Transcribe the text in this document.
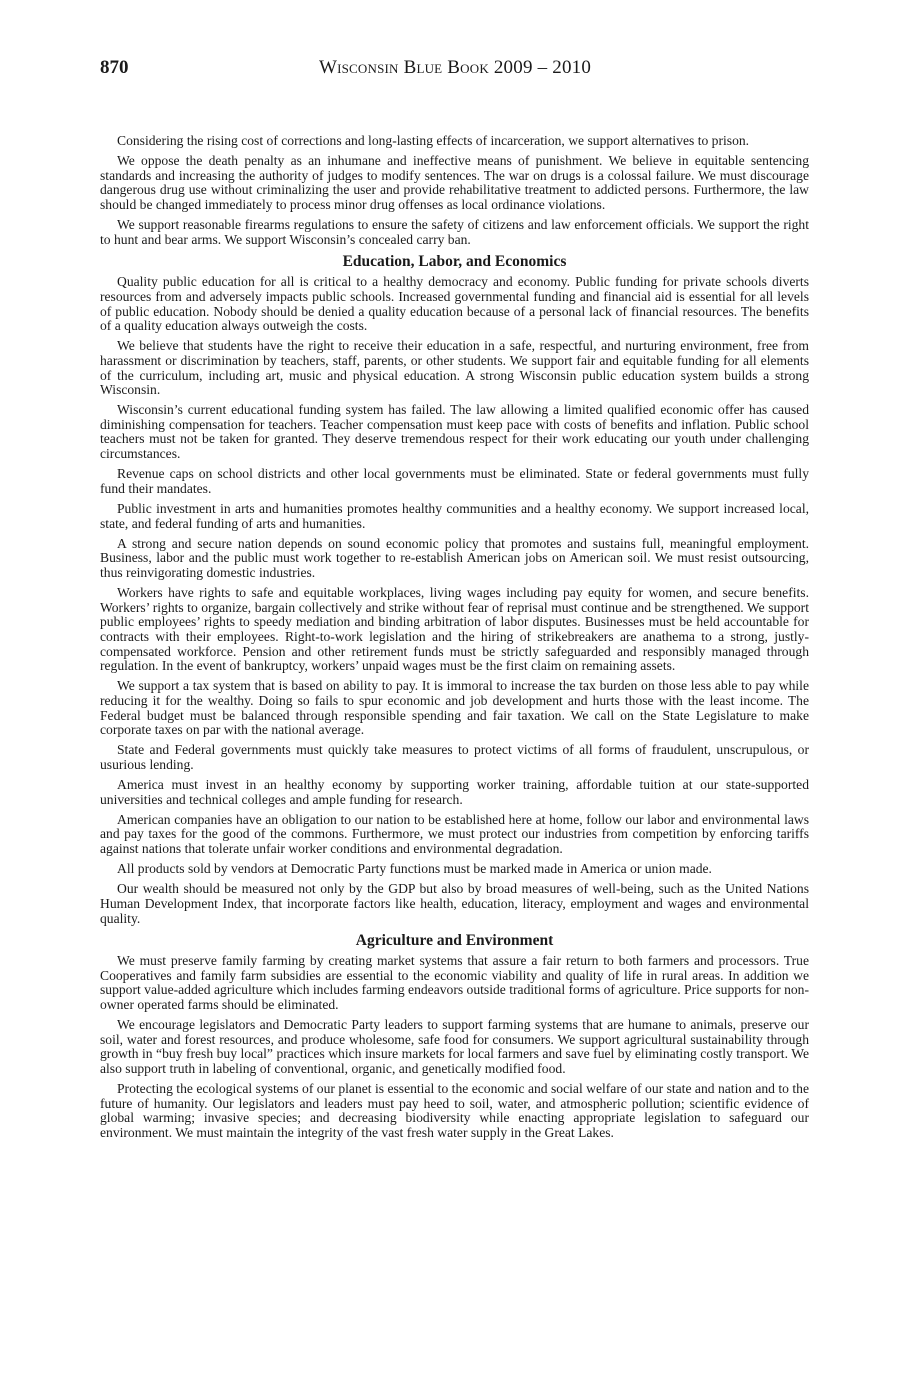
870	Wisconsin Blue Book 2009 – 2010

Considering the rising cost of corrections and long-lasting effects of incarceration, we support alternatives to prison.

We oppose the death penalty as an inhumane and ineffective means of punishment. We believe in equitable sentencing standards and increasing the authority of judges to modify sentences. The war on drugs is a colossal failure. We must discourage dangerous drug use without criminalizing the user and provide rehabilitative treatment to addicted persons. Furthermore, the law should be changed immediately to process minor drug offenses as local ordinance violations.

We support reasonable firearms regulations to ensure the safety of citizens and law enforcement officials. We support the right to hunt and bear arms. We support Wisconsin’s concealed carry ban.

Education, Labor, and Economics

Quality public education for all is critical to a healthy democracy and economy. Public funding for private schools diverts resources from and adversely impacts public schools. Increased governmental funding and financial aid is essential for all levels of public education. Nobody should be denied a quality education because of a personal lack of financial resources. The benefits of a quality education always outweigh the costs.

We believe that students have the right to receive their education in a safe, respectful, and nurturing environment, free from harassment or discrimination by teachers, staff, parents, or other students. We support fair and equitable funding for all elements of the curriculum, including art, music and physical education. A strong Wisconsin public education system builds a strong Wisconsin.

Wisconsin’s current educational funding system has failed. The law allowing a limited qualified economic offer has caused diminishing compensation for teachers. Teacher compensation must keep pace with costs of benefits and inflation. Public school teachers must not be taken for granted. They deserve tremendous respect for their work educating our youth under challenging circumstances.

Revenue caps on school districts and other local governments must be eliminated. State or federal governments must fully fund their mandates.

Public investment in arts and humanities promotes healthy communities and a healthy economy. We support increased local, state, and federal funding of arts and humanities.

A strong and secure nation depends on sound economic policy that promotes and sustains full, meaningful employment. Business, labor and the public must work together to re-establish American jobs on American soil. We must resist outsourcing, thus reinvigorating domestic industries.

Workers have rights to safe and equitable workplaces, living wages including pay equity for women, and secure benefits. Workers’ rights to organize, bargain collectively and strike without fear of reprisal must continue and be strengthened. We support public employees’ rights to speedy mediation and binding arbitration of labor disputes. Businesses must be held accountable for contracts with their employees. Right-to-work legislation and the hiring of strikebreakers are anathema to a strong, justly-compensated workforce. Pension and other retirement funds must be strictly safeguarded and responsibly managed through regulation. In the event of bankruptcy, workers’ unpaid wages must be the first claim on remaining assets.

We support a tax system that is based on ability to pay. It is immoral to increase the tax burden on those less able to pay while reducing it for the wealthy. Doing so fails to spur economic and job development and hurts those with the least income. The Federal budget must be balanced through responsible spending and fair taxation. We call on the State Legislature to make corporate taxes on par with the national average.

State and Federal governments must quickly take measures to protect victims of all forms of fraudulent, unscrupulous, or usurious lending.

America must invest in an healthy economy by supporting worker training, affordable tuition at our state-supported universities and technical colleges and ample funding for research.

American companies have an obligation to our nation to be established here at home, follow our labor and environmental laws and pay taxes for the good of the commons. Furthermore, we must protect our industries from competition by enforcing tariffs against nations that tolerate unfair worker conditions and environmental degradation.

All products sold by vendors at Democratic Party functions must be marked made in America or union made.

Our wealth should be measured not only by the GDP but also by broad measures of well-being, such as the United Nations Human Development Index, that incorporate factors like health, education, literacy, employment and wages and environmental quality.

Agriculture and Environment

We must preserve family farming by creating market systems that assure a fair return to both farmers and processors. True Cooperatives and family farm subsidies are essential to the economic viability and quality of life in rural areas. In addition we support value-added agriculture which includes farming endeavors outside traditional forms of agriculture. Price supports for non-owner operated farms should be eliminated.

We encourage legislators and Democratic Party leaders to support farming systems that are humane to animals, preserve our soil, water and forest resources, and produce wholesome, safe food for consumers. We support agricultural sustainability through growth in “buy fresh buy local” practices which insure markets for local farmers and save fuel by eliminating costly transport. We also support truth in labeling of conventional, organic, and genetically modified food.

Protecting the ecological systems of our planet is essential to the economic and social welfare of our state and nation and to the future of humanity. Our legislators and leaders must pay heed to soil, water, and atmospheric pollution; scientific evidence of global warming; invasive species; and decreasing biodiversity while enacting appropriate legislation to safeguard our environment. We must maintain the integrity of the vast fresh water supply in the Great Lakes.
